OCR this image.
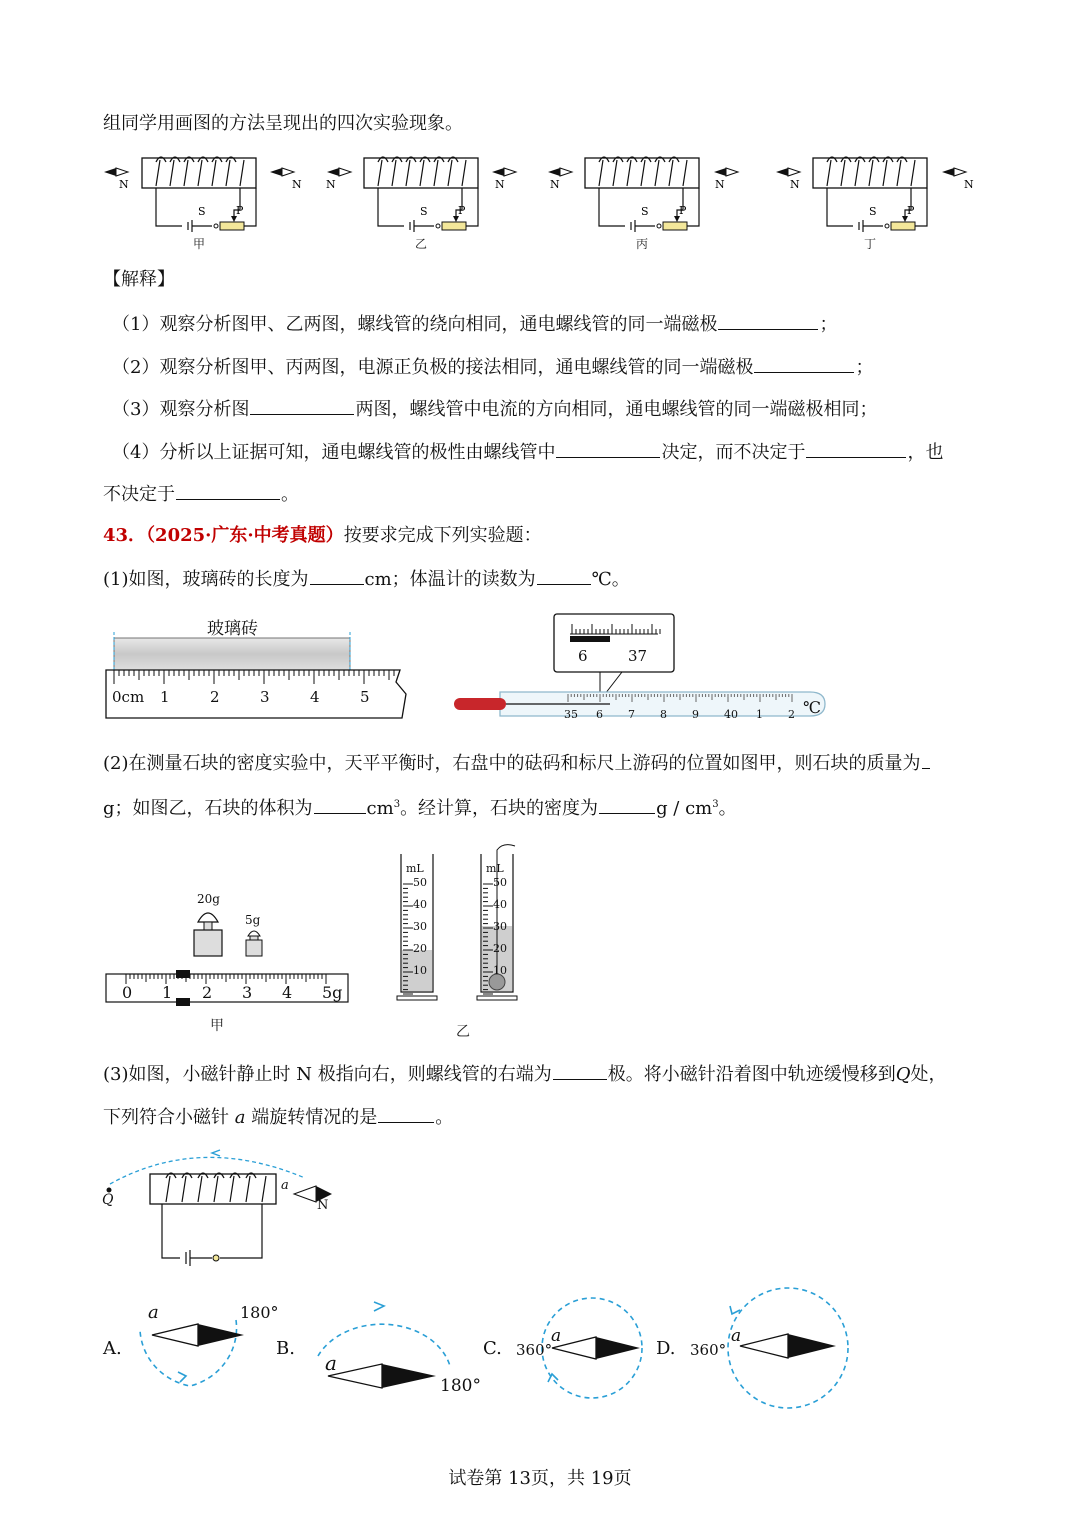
组同学用画图的方法呈现出的四次实验现象。
N	N N	N	N	N	N	N
S	P	S	P	S	P	S	P
甲	乙	丙	丁
【解释】
（1）观察分析图甲、乙两图，螺线管的绕向相同，通电螺线管的同一端磁极	；
（2）观察分析图甲、丙两图，电源正负极的接法相同，通电螺线管的同一端磁极	；
（3）观察分析图	两图，螺线管中电流的方向相同，通电螺线管的同一端磁极相同；
（4）分析以上证据可知，通电螺线管的极性由螺线管中	决定，而不决定于	，也
不决定于	。
43．（2025·广东·中考真题）按要求完成下列实验题：
(1)如图，玻璃砖的长度为	cm；体温计的读数为	℃。
玻璃砖
0cm 1	2	3	4	5
6	37
35 6 7 8 9 40 1 2 ℃
(2)在测量石块的密度实验中，天平平衡时，右盘中的砝码和标尺上游码的位置如图甲，则石块的质量为
g；如图乙，石块的体积为	$cm^3$。经计算，石块的密度为	g / $cm^3$。
20g
5g
0 1 2 3 4 5g
甲
mL
50
40
30
20
10
mL
50
40
30
20
10
乙
(3)如图，小磁针静止时 N 极指向右，则螺线管的右端为	极。将小磁针沿着图中轨迹缓慢移到Q处，
下列符合小磁针 a 端旋转情况的是	。
Q
a
N
A.
a	180°
B.
a
180°
C.
a
360°	D.
a
360°
试卷第 13页，共 19页
